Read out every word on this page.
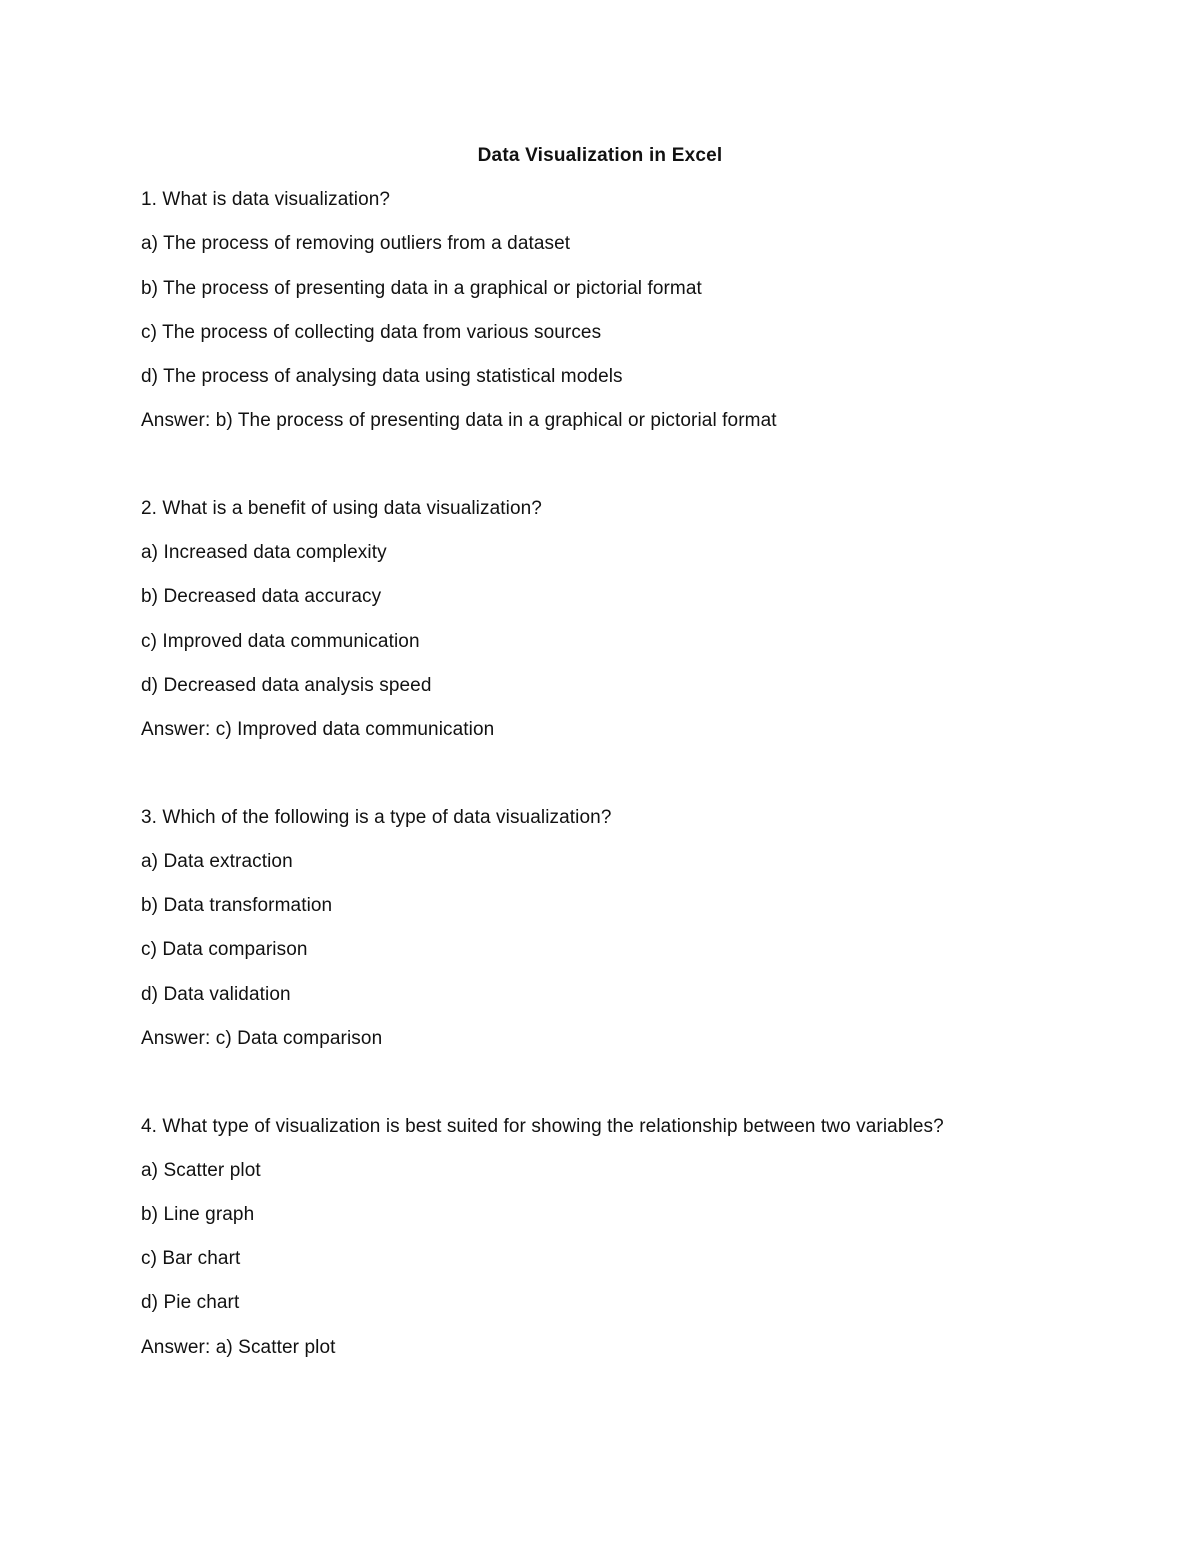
Data Visualization in Excel
1. What is data visualization?
a) The process of removing outliers from a dataset
b) The process of presenting data in a graphical or pictorial format
c) The process of collecting data from various sources
d) The process of analysing data using statistical models
Answer: b) The process of presenting data in a graphical or pictorial format
2. What is a benefit of using data visualization?
a) Increased data complexity
b) Decreased data accuracy
c) Improved data communication
d) Decreased data analysis speed
Answer: c) Improved data communication
3. Which of the following is a type of data visualization?
a) Data extraction
b) Data transformation
c) Data comparison
d) Data validation
Answer: c) Data comparison
4. What type of visualization is best suited for showing the relationship between two variables?
a) Scatter plot
b) Line graph
c) Bar chart
d) Pie chart
Answer: a) Scatter plot
